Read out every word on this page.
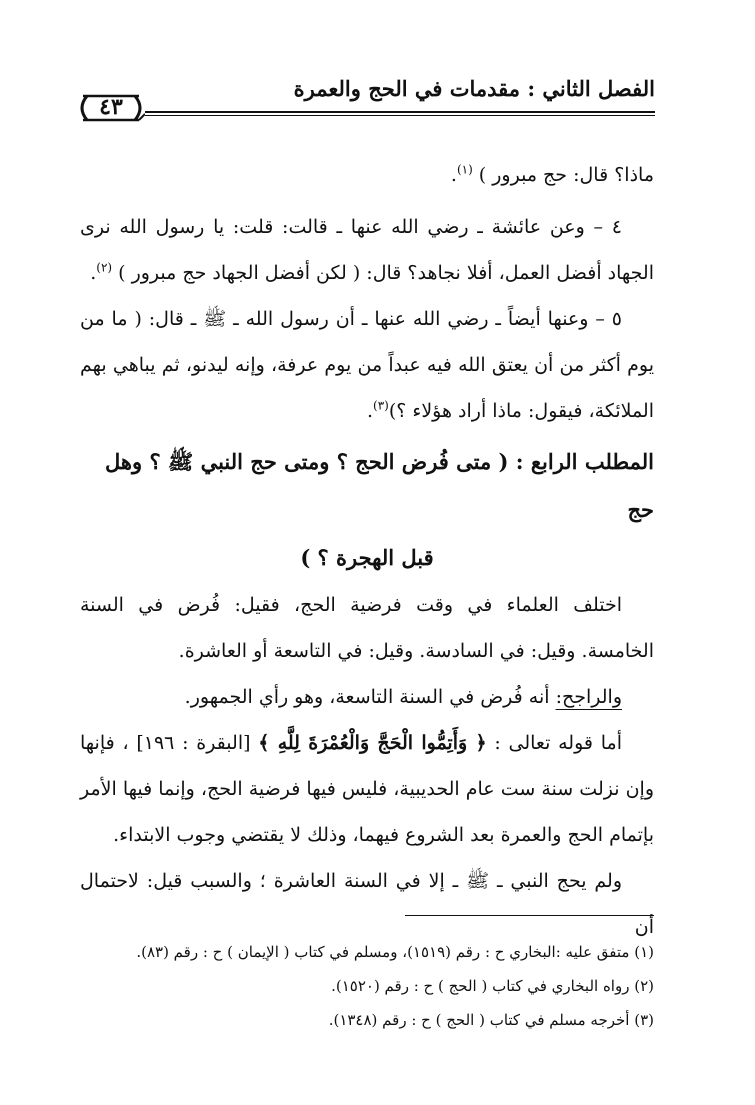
الفصل الثاني : مقدمات في الحج والعمرة
٤٣

ماذا؟ قال: حج مبرور ) $^{(١)}$.

٤ – وعن عائشة ـ رضي الله عنها ـ قالت: قلت: يا رسول الله نرى الجهاد أفضل العمل، أفلا نجاهد؟ قال: ( لكن أفضل الجهاد حج مبرور ) $^{(٢)}$.

٥ – وعنها أيضاً ـ رضي الله عنها ـ أن رسول الله ـ ﷺ ـ قال: ( ما من يوم أكثر من أن يعتق الله فيه عبداً من يوم عرفة، وإنه ليدنو، ثم يباهي بهم الملائكة، فيقول: ماذا أراد هؤلاء ؟)$^{(٣)}$.

المطلب الرابع : ( متى فُرض الحج ؟ ومتى حج النبي ﷺ ؟ وهل حج

قبل الهجرة ؟ )

اختلف العلماء في وقت فرضية الحج، فقيل: فُرض في السنة الخامسة. وقيل: في السادسة. وقيل: في التاسعة أو العاشرة.

والراجح: أنه فُرض في السنة التاسعة، وهو رأي الجمهور.

أما قوله تعالى : ﴿ وَأَتِمُّوا الْحَجَّ وَالْعُمْرَةَ لِلَّهِ ﴾ [البقرة : ١٩٦] ، فإنها وإن نزلت سنة ست عام الحديبية، فليس فيها فرضية الحج، وإنما فيها الأمر بإتمام الحج والعمرة بعد الشروع فيهما، وذلك لا يقتضي وجوب الابتداء.

ولم يحج النبي ـ ﷺ ـ إلا في السنة العاشرة ؛ والسبب قيل: لاحتمال أن

(١) متفق عليه :البخاري ح : رقم (١٥١٩)، ومسلم في كتاب ( الإيمان ) ح : رقم (٨٣).

(٢) رواه البخاري في كتاب ( الحج ) ح : رقم (١٥٢٠).

(٣) أخرجه مسلم في كتاب ( الحج ) ح : رقم (١٣٤٨).
